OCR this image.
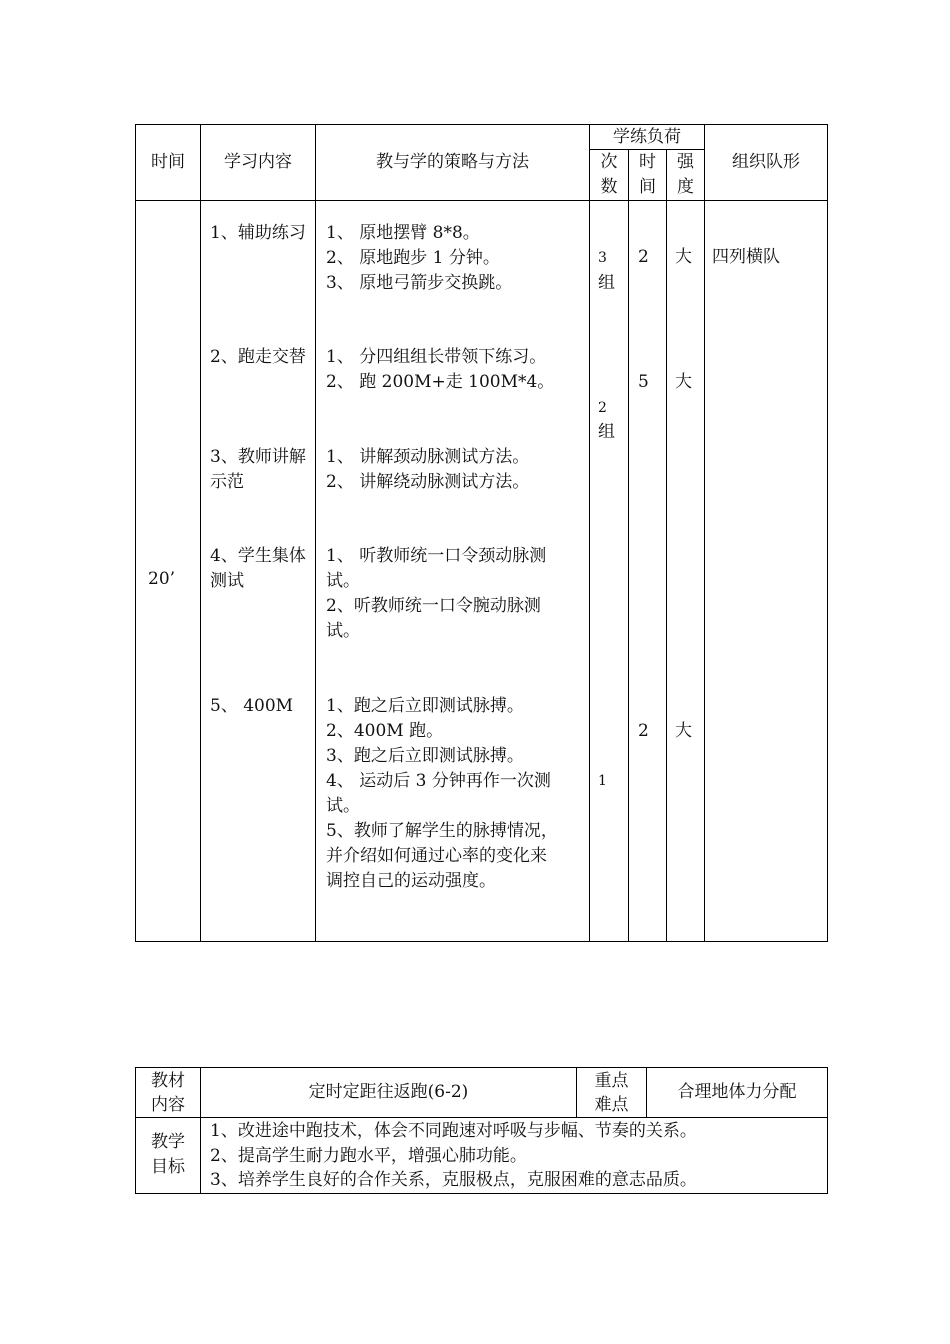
时间	学习内容	教与学的策略与方法
学练负荷
次
数
时
间
强
度
组织队形
20’
四列横队
1、辅助练习
2、跑走交替
3、教师讲解
示范
4、学生集体
测试
5、 400M
1、 原地摆臂 8*8。
2、 原地跑步 1 分钟。
3、 原地弓箭步交换跳。
1、 分四组组长带领下练习。
2、 跑 200M+走 100M*4。
1、 讲解颈动脉测试方法。
2、 讲解绕动脉测试方法。
1、 听教师统一口令颈动脉测
试。
2、听教师统一口令腕动脉测
试。
1、跑之后立即测试脉搏。
2、400M 跑。
3、跑之后立即测试脉搏。
4、 运动后 3 分钟再作一次测
试。
5、教师了解学生的脉搏情况，
并介绍如何通过心率的变化来
调控自己的运动强度。
3
组
2
组
1
2
5
2
大
大
大
教材
内容
定时定距往返跑(6-2)
重点
难点
合理地体力分配
教学
目标
1、改进途中跑技术，体会不同跑速对呼吸与步幅、节奏的关系。
2、提高学生耐力跑水平，增强心肺功能。
3、培养学生良好的合作关系，克服极点，克服困难的意志品质。
